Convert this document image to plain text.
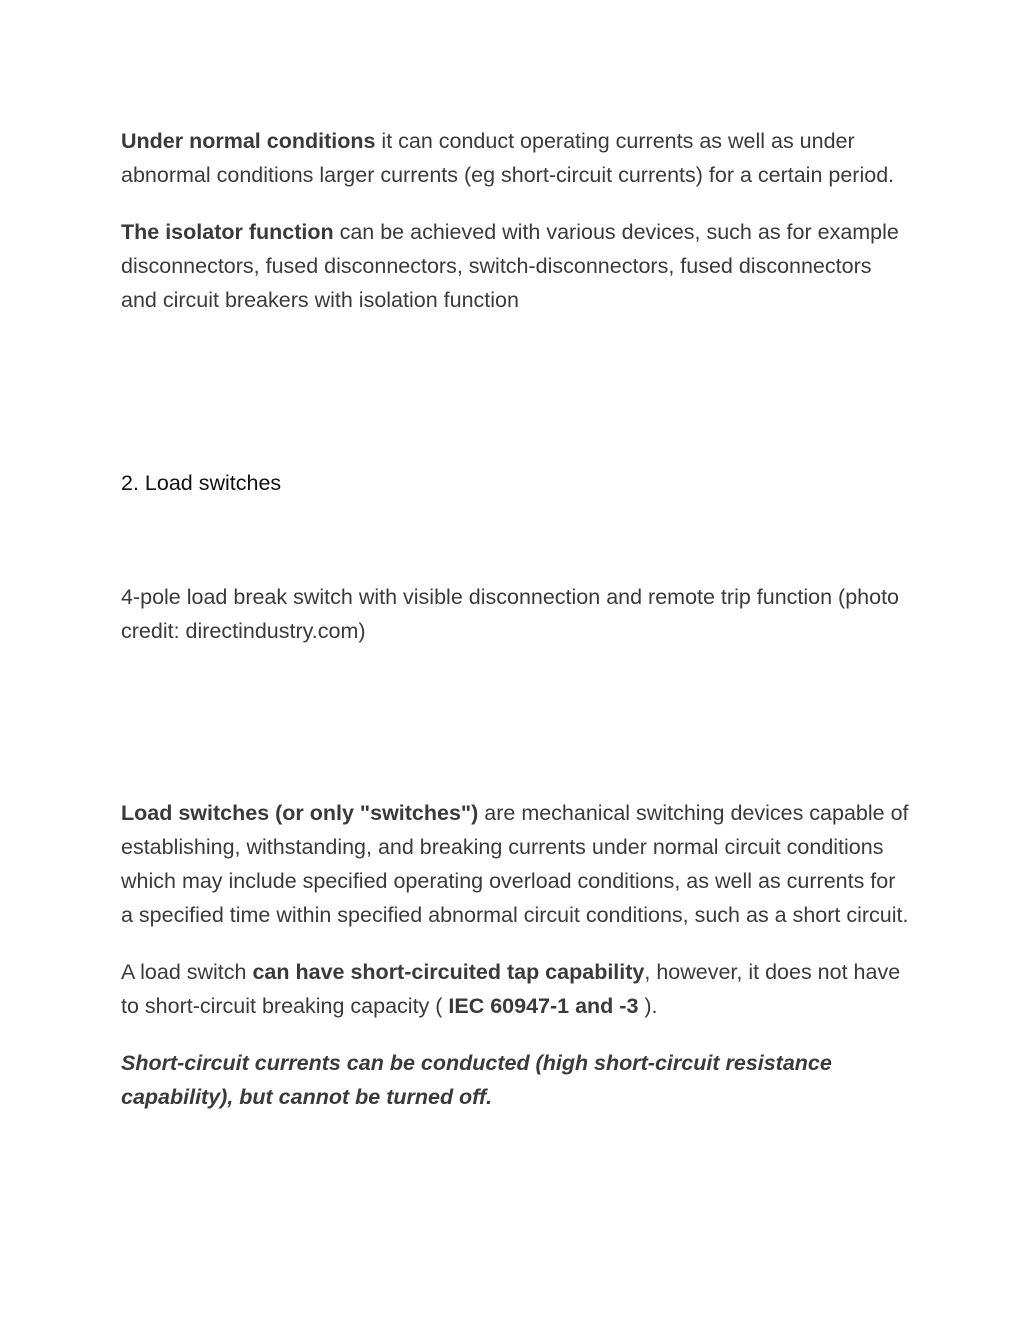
Under normal conditions it can conduct operating currents as well as under abnormal conditions larger currents (eg short-circuit currents) for a certain period.

The isolator function can be achieved with various devices, such as for example disconnectors, fused disconnectors, switch-disconnectors, fused disconnectors and circuit breakers with isolation function

2. Load switches

4-pole load break switch with visible disconnection and remote trip function (photo credit: directindustry.com)

Load switches (or only "switches") are mechanical switching devices capable of establishing, withstanding, and breaking currents under normal circuit conditions which may include specified operating overload conditions, as well as currents for a specified time within specified abnormal circuit conditions, such as a short circuit.

A load switch can have short-circuited tap capability, however, it does not have to short-circuit breaking capacity ( IEC 60947-1 and -3 ).

Short-circuit currents can be conducted (high short-circuit resistance capability), but cannot be turned off.
